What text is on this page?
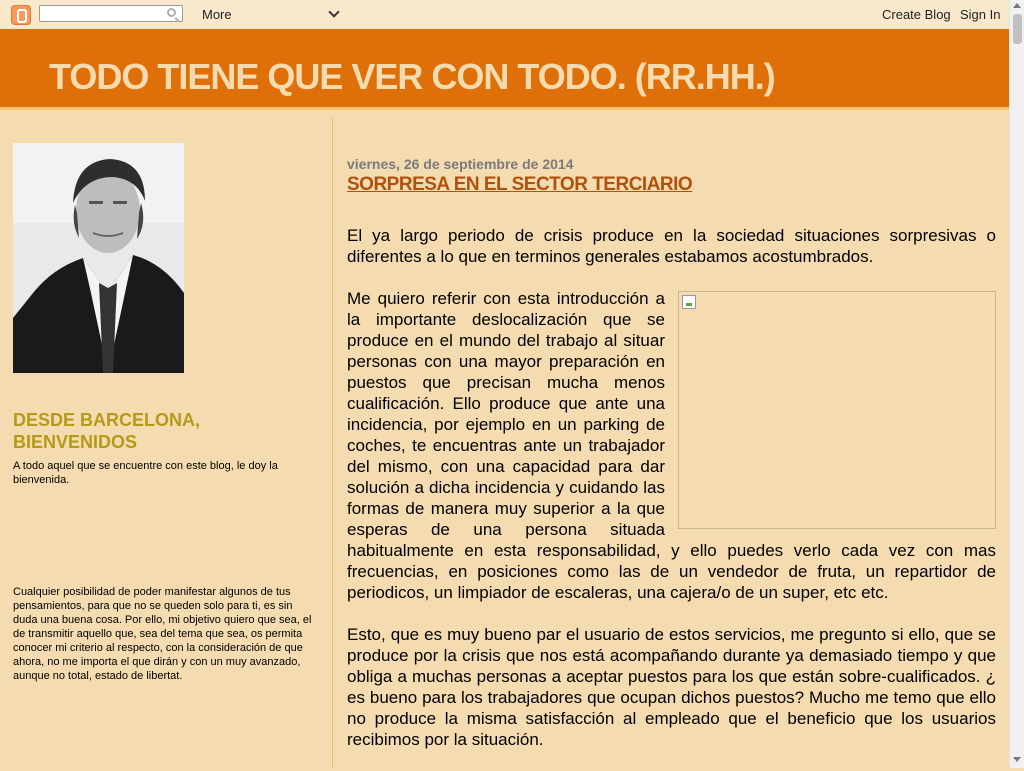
More	Create Blog Sign In
TODO TIENE QUE VER CON TODO. (RR.HH.)
DESDE BARCELONA, BIENVENIDOS

A todo aquel que se encuentre con este blog, le doy la bienvenida.

Cualquier posibilidad de poder manifestar algunos de tus pensamientos, para que no se queden solo para ti, es sin duda una buena cosa. Por ello, mi objetivo quiero que sea, el de transmitir aquello que, sea del tema que sea, os permita conocer mi criterio al respecto, con la consideración de que ahora, no me importa el que dirán y con un muy avanzado, aunque no total, estado de libertat.

viernes, 26 de septiembre de 2014
SORPRESA EN EL SECTOR TERCIARIO

El ya largo periodo de crisis produce en la sociedad situaciones sorpresivas o diferentes a lo que en terminos generales estabamos acostumbrados.

Me quiero referir con esta introducción a la importante deslocalización que se produce en el mundo del trabajo al situar personas con una mayor preparación en puestos que precisan mucha menos cualificación. Ello produce que ante una incidencia, por ejemplo en un parking de coches, te encuentras ante un trabajador del mismo, con una capacidad para dar solución a dicha incidencia y cuidando las formas de manera muy superior a la que esperas de una persona situada habitualmente en esta responsabilidad, y ello puedes verlo cada vez con mas frecuencias, en posiciones como las de un vendedor de fruta, un repartidor de periodicos, un limpiador de escaleras, una cajera/o de un super, etc etc.

Esto, que es muy bueno par el usuario de estos servicios, me pregunto si ello, que se produce por la crisis que nos está acompañando durante ya demasiado tiempo y que obliga a muchas personas a aceptar puestos para los que están sobre-cualificados. ¿ es bueno para los trabajadores que ocupan dichos puestos? Mucho me temo que ello no produce la misma satisfacción al empleado que el beneficio que los usuarios recibimos por la situación.
